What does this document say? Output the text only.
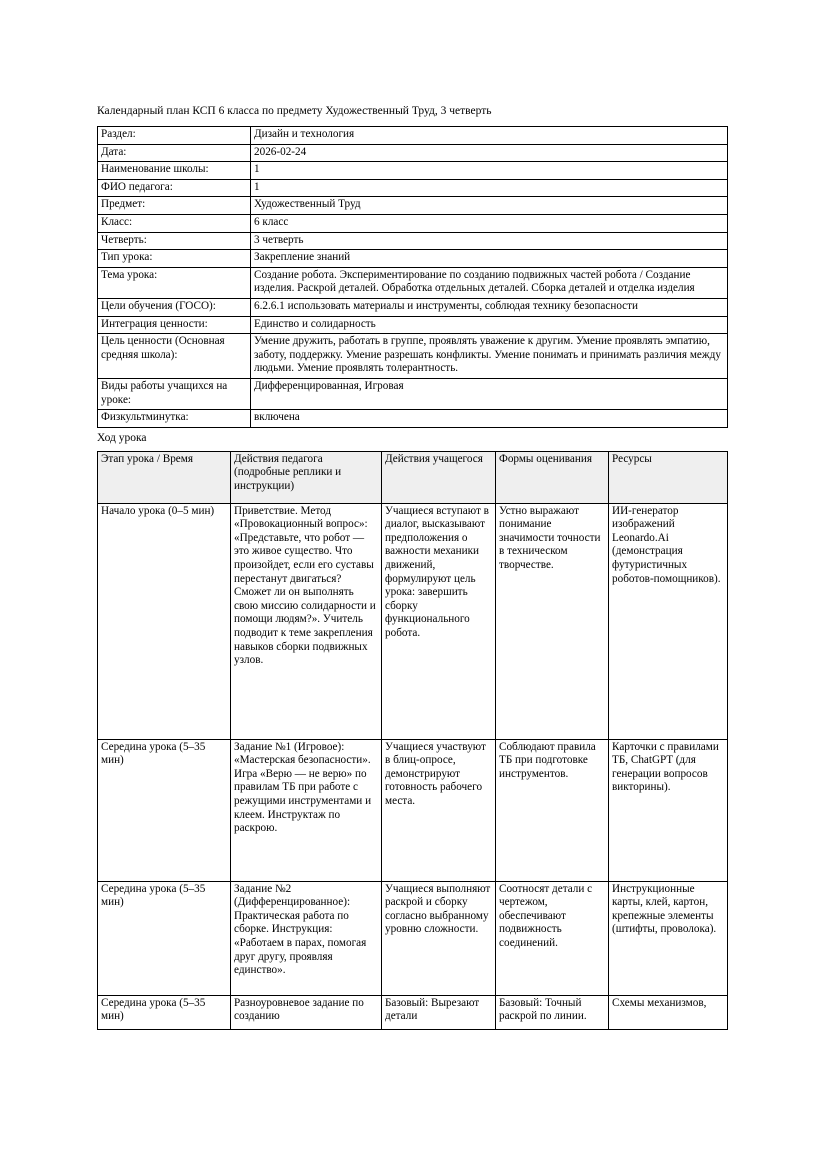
Календарный план КСП 6 класса по предмету Художественный Труд, 3 четверть
Раздел:	Дизайн и технология
Дата:	2026-02-24
Наименование школы:	1
ФИО педагога:	1
Предмет:	Художественный Труд
Класс:	6 класс
Четверть:	3 четверть
Тип урока:	Закрепление знаний
Тема урока:	Создание робота. Экспериментирование по созданию подвижных частей робота / Создание изделия. Раскрой деталей. Обработка отдельных деталей. Сборка деталей и отделка изделия
Цели обучения (ГОСО):	6.2.6.1 использовать материалы и инструменты, соблюдая технику безопасности
Интеграция ценности:	Единство и солидарность
Цель ценности (Основная средняя школа):	Умение дружить, работать в группе, проявлять уважение к другим. Умение проявлять эмпатию, заботу, поддержку. Умение разрешать конфликты. Умение понимать и принимать различия между людьми. Умение проявлять толерантность.
Виды работы учащихся на уроке:	Дифференцированная, Игровая
Физкультминутка:	включена
Ход урока
Этап урока / Время	Действия педагога (подробные реплики и инструкции)	Действия учащегося	Формы оценивания	Ресурсы
Начало урока (0–5 мин)	Приветствие. Метод «Провокационный вопрос»: «Представьте, что робот — это живое существо. Что произойдет, если его суставы перестанут двигаться? Сможет ли он выполнять свою миссию солидарности и помощи людям?». Учитель подводит к теме закрепления навыков сборки подвижных узлов.	Учащиеся вступают в диалог, высказывают предположения о важности механики движений, формулируют цель урока: завершить сборку функционального робота.	Устно выражают понимание значимости точности в техническом творчестве.	ИИ-генератор изображений Leonardo.Ai (демонстрация футуристичных роботов-помощников).
Середина урока (5–35 мин)	Задание №1 (Игровое): «Мастерская безопасности». Игра «Верю — не верю» по правилам ТБ при работе с режущими инструментами и клеем. Инструктаж по раскрою.	Учащиеся участвуют в блиц-опросе, демонстрируют готовность рабочего места.	Соблюдают правила ТБ при подготовке инструментов.	Карточки с правилами ТБ, ChatGPT (для генерации вопросов викторины).
Середина урока (5–35 мин)	Задание №2 (Дифференцированное): Практическая работа по сборке. Инструкция: «Работаем в парах, помогая друг другу, проявляя единство».	Учащиеся выполняют раскрой и сборку согласно выбранному уровню сложности.	Соотносят детали с чертежом, обеспечивают подвижность соединений.	Инструкционные карты, клей, картон, крепежные элементы (штифты, проволока).
Середина урока (5–35 мин)	Разноуровневое задание по созданию	Базовый: Вырезают детали	Базовый: Точный раскрой по линии.	Схемы механизмов,
